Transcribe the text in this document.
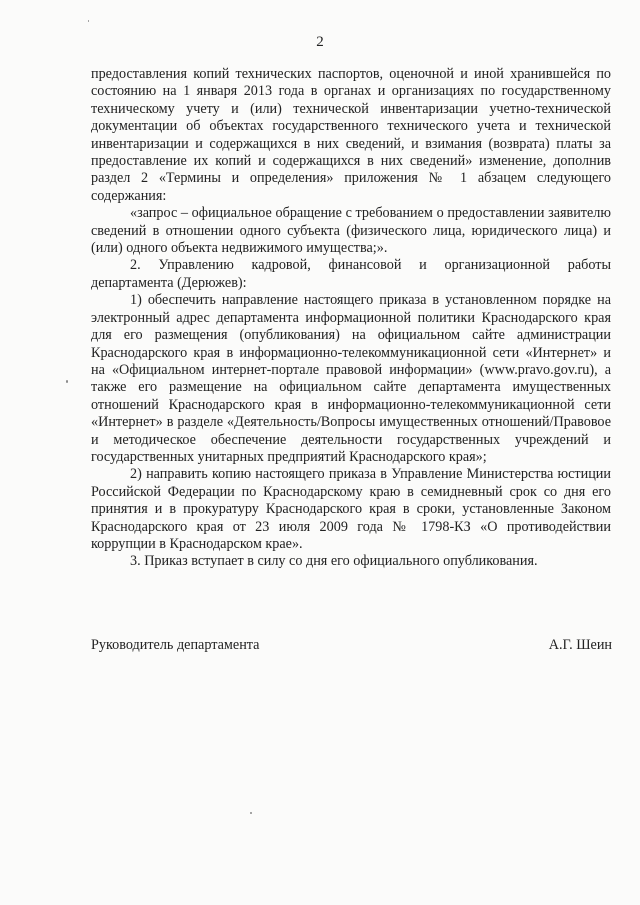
2

предоставления копий технических паспортов, оценочной и иной хранившейся по состоянию на 1 января 2013 года в органах и организациях по государственному техническому учету и (или) технической инвентаризации учетно-технической документации об объектах государственного технического учета и технической инвентаризации и содержащихся в них сведений, и взимания (возврата) платы за предоставление их копий и содержащихся в них сведений» изменение, дополнив раздел 2 «Термины и определения» приложения № 1 абзацем следующего содержания:

«запрос – официальное обращение с требованием о предоставлении заявителю сведений в отношении одного субъекта (физического лица, юридического лица) и (или) одного объекта недвижимого имущества;».

2. Управлению кадровой, финансовой и организационной работы департамента (Дерюжев):

1) обеспечить направление настоящего приказа в установленном порядке на электронный адрес департамента информационной политики Краснодарского края для его размещения (опубликования) на официальном сайте администрации Краснодарского края в информационно-телекоммуникационной сети «Интернет» и на «Официальном интернет-портале правовой информации» (www.pravo.gov.ru), а также его размещение на официальном сайте департамента имущественных отношений Краснодарского края в информационно-телекоммуникационной сети «Интернет» в разделе «Деятельность/Вопросы имущественных отношений/Правовое и методическое обеспечение деятельности государственных учреждений и государственных унитарных предприятий Краснодарского края»;

2) направить копию настоящего приказа в Управление Министерства юстиции Российской Федерации по Краснодарскому краю в семидневный срок со дня его принятия и в прокуратуру Краснодарского края в сроки, установленные Законом Краснодарского края от 23 июля 2009 года № 1798-КЗ «О противодействии коррупции в Краснодарском крае».

3. Приказ вступает в силу со дня его официального опубликования.

Руководитель департамента	А.Г. Шеин
